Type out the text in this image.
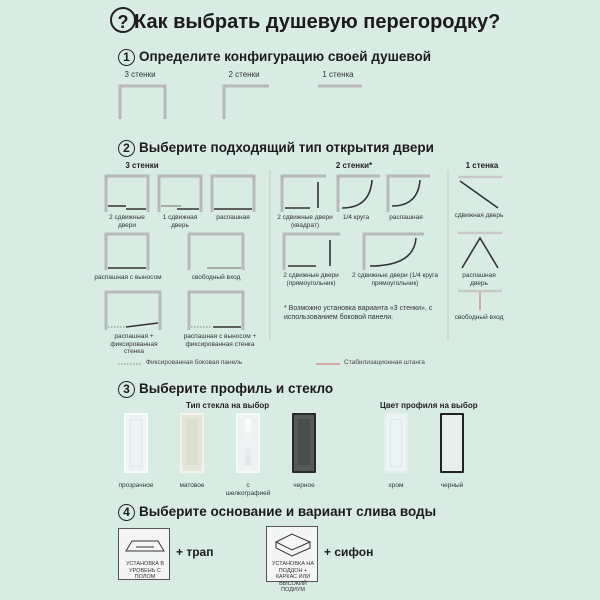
? Как выбрать душевую перегородку?
1 Определите конфигурацию своей душевой
3 стенки	2 стенки	1 стенка
2 Выберите подходящий тип открытия двери
3 стенки	2 стенки*	1 стенка
2 сдвижные двери
1 сдвижная дверь
распашная
распашная с выносом	свободный вход
распашная + фиксированная стенка
распашная с выносом + фиксированная стенка
2 сдвижные двери (квадрат)
1/4 круга	распашная
2 сдвижные двери (прямоугольник)
2 сдвижные двери (1/4 круга прямоугольник)
* Возможно установка варианта «3 стенки», с использованием боковой панели.
сдвижная дверь
распашная дверь
свободный вход
Фиксированная боковая панель	Стабилизационная штанга
3 Выберите профиль и стекло
Тип стекла на выбор	Цвет профиля на выбор
прозрачное	матовое	с шелкографией
черное	хром	черный
4 Выберите основание и вариант слива воды
УСТАНОВКА В УРОВЕНЬ С ПОЛОМ
+ трап
УСТАНОВКА НА ПОДДОН + КАРКАС ИЛИ ВЫСОКИЙ ПОДИУМ
+ сифон
